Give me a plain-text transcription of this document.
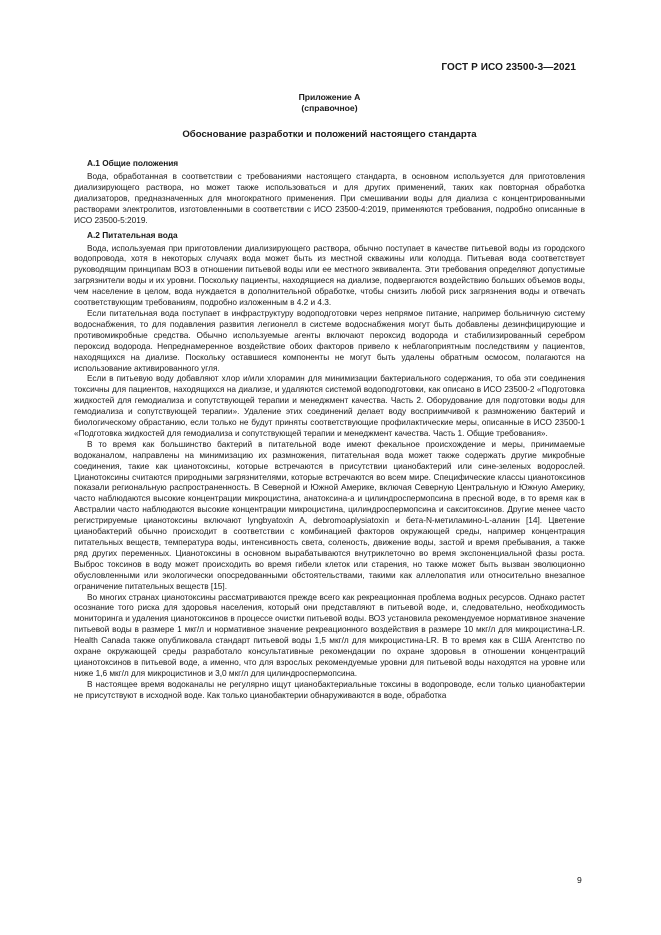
ГОСТ Р ИСО 23500-3—2021
Приложение А
(справочное)
Обоснование разработки и положений настоящего стандарта

А.1 Общие положения

Вода, обработанная в соответствии с требованиями настоящего стандарта, в основном используется для приготовления диализирующего раствора, но может также использоваться и для других применений, таких как повторная обработка диализаторов, предназначенных для многократного применения. При смешивании воды для диализа с концентрированными растворами электролитов, изготовленными в соответствии с ИСО 23500-4:2019, применяются требования, подробно описанные в ИСО 23500-5:2019.

А.2 Питательная вода

Вода, используемая при приготовлении диализирующего раствора, обычно поступает в качестве питьевой воды из городского водопровода, хотя в некоторых случаях вода может быть из местной скважины или колодца. Питьевая вода соответствует руководящим принципам ВОЗ в отношении питьевой воды или ее местного эквивалента. Эти требования определяют допустимые загрязнители воды и их уровни. Поскольку пациенты, находящиеся на диализе, подвергаются воздействию больших объемов воды, чем население в целом, вода нуждается в дополнительной обработке, чтобы снизить любой риск загрязнения воды и отвечать соответствующим требованиям, подробно изложенным в 4.2 и 4.3.

Если питательная вода поступает в инфраструктуру водоподготовки через непрямое питание, например больничную систему водоснабжения, то для подавления развития легионелл в системе водоснабжения могут быть добавлены дезинфицирующие и противомикробные средства. Обычно используемые агенты включают пероксид водорода и стабилизированный серебром пероксид водорода. Непреднамеренное воздействие обоих факторов привело к неблагоприятным последствиям у пациентов, находящихся на диализе. Поскольку оставшиеся компоненты не могут быть удалены обратным осмосом, полагаются на использование активированного угля.

Если в питьевую воду добавляют хлор и/или хлорамин для минимизации бактериального содержания, то оба эти соединения токсичны для пациентов, находящихся на диализе, и удаляются системой водоподготовки, как описано в ИСО 23500-2 «Подготовка жидкостей для гемодиализа и сопутствующей терапии и менеджмент качества. Часть 2. Оборудование для подготовки воды для гемодиализа и сопутствующей терапии». Удаление этих соединений делает воду восприимчивой к размножению бактерий и биологическому обрастанию, если только не будут приняты соответствующие профилактические меры, описанные в ИСО 23500-1 «Подготовка жидкостей для гемодиализа и сопутствующей терапии и менеджмент качества. Часть 1. Общие требования».

В то время как большинство бактерий в питательной воде имеют фекальное происхождение и меры, принимаемые водоканалом, направлены на минимизацию их размножения, питательная вода может также содержать другие микробные соединения, такие как цианотоксины, которые встречаются в присутствии цианобактерий или сине-зеленых водорослей. Цианотоксины считаются природными загрязнителями, которые встречаются во всем мире. Специфические классы цианотоксинов показали региональную распространенность. В Северной и Южной Америке, включая Северную Центральную и Южную Америку, часто наблюдаются высокие концентрации микроцистина, анатоксина-а и цилиндроспермопсина в пресной воде, в то время как в Австралии часто наблюдаются высокие концентрации микроцистина, цилиндроспермопсина и сакситоксинов. Другие менее часто регистрируемые цианотоксины включают lyngbyatoxin A, debromoaplysiatoxin и бета-N-метиламино-L-аланин [14]. Цветение цианобактерий обычно происходит в соответствии с комбинацией факторов окружающей среды, например концентрация питательных веществ, температура воды, интенсивность света, соленость, движение воды, застой и время пребывания, а также ряд других переменных. Цианотоксины в основном вырабатываются внутриклеточно во время экспоненциальной фазы роста. Выброс токсинов в воду может происходить во время гибели клеток или старения, но также может быть вызван эволюционно обусловленными или экологически опосредованными обстоятельствами, такими как аллелопатия или относительно внезапное ограничение питательных веществ [15].

Во многих странах цианотоксины рассматриваются прежде всего как рекреационная проблема водных ресурсов. Однако растет осознание того риска для здоровья населения, который они представляют в питьевой воде, и, следовательно, необходимость мониторинга и удаления цианотоксинов в процессе очистки питьевой воды. ВОЗ установила рекомендуемое нормативное значение питьевой воды в размере 1 мкг/л и нормативное значение рекреационного воздействия в размере 10 мкг/л для микроцистина-LR. Health Canada также опубликовала стандарт питьевой воды 1,5 мкг/л для микроцистина-LR. В то время как в США Агентство по охране окружающей среды разработало консультативные рекомендации по охране здоровья в отношении концентраций цианотоксинов в питьевой воде, а именно, что для взрослых рекомендуемые уровни для питьевой воды находятся на уровне или ниже 1,6 мкг/л для микроцистинов и 3,0 мкг/л для цилиндроспермопсина.

В настоящее время водоканалы не регулярно ищут цианобактериальные токсины в водопроводе, если только цианобактерии не присутствуют в исходной воде. Как только цианобактерии обнаруживаются в воде, обработка

9
